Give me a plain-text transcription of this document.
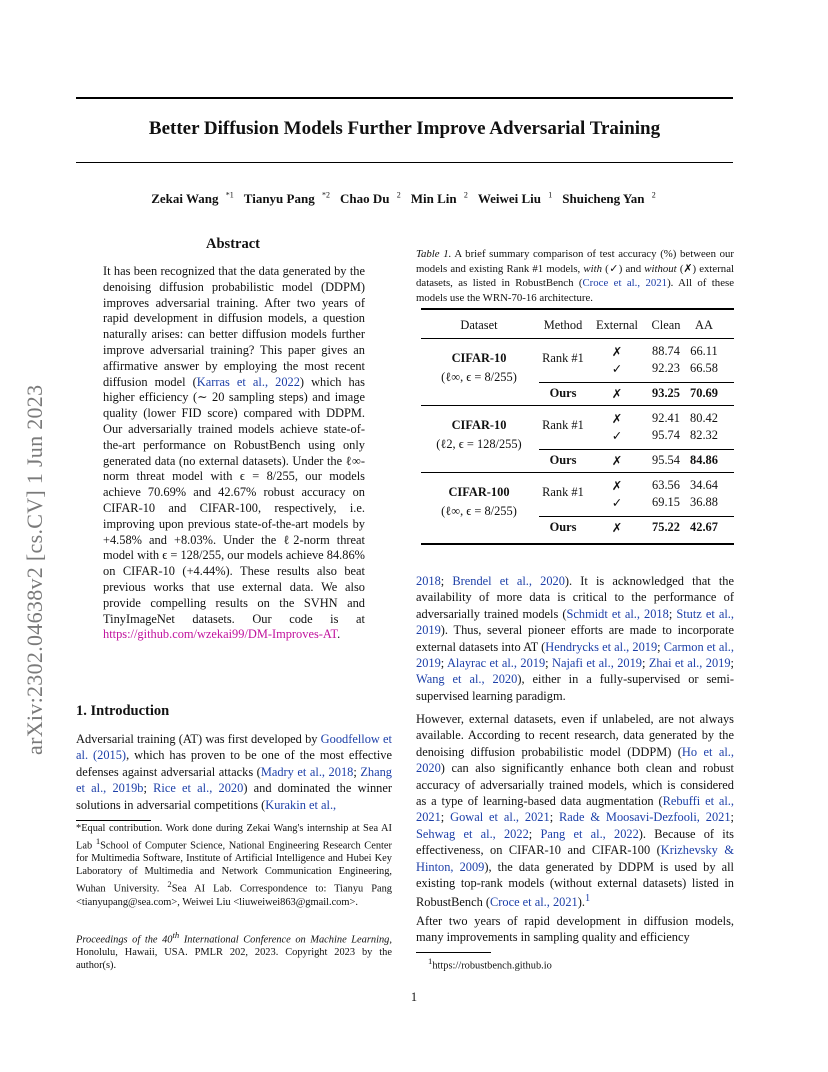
Better Diffusion Models Further Improve Adversarial Training
Zekai Wang $^{*1}$ Tianyu Pang $^{*2}$ Chao Du $^2$ Min Lin $^2$ Weiwei Liu $^1$ Shuicheng Yan $^2$
arXiv:2302.04638v2 [cs.CV] 1 Jun 2023
Abstract
It has been recognized that the data generated by the denoising diffusion probabilistic model (DDPM) improves adversarial training. After two years of rapid development in diffusion models, a question naturally arises: can better diffusion models further improve adversarial training? This paper gives an affirmative answer by employing the most recent diffusion model (Karras et al., 2022) which has higher efficiency (∼ 20 sampling steps) and image quality (lower FID score) compared with DDPM. Our adversarially trained models achieve state-of-the-art performance on RobustBench using only generated data (no external datasets). Under the ℓ∞-norm threat model with ϵ = 8/255, our models achieve 70.69% and 42.67% robust accuracy on CIFAR-10 and CIFAR-100, respectively, i.e. improving upon previous state-of-the-art models by +4.58% and +8.03%. Under the ℓ2-norm threat model with ϵ = 128/255, our models achieve 84.86% on CIFAR-10 (+4.44%). These results also beat previous works that use external data. We also provide compelling results on the SVHN and TinyImageNet datasets. Our code is at https://github.com/wzekai99/DM-Improves-AT.
1. Introduction
Adversarial training (AT) was first developed by Goodfellow et al. (2015), which has proven to be one of the most effective defenses against adversarial attacks (Madry et al., 2018; Zhang et al., 2019b; Rice et al., 2020) and dominated the winner solutions in adversarial competitions (Kurakin et al.,
*Equal contribution. Work done during Zekai Wang's internship at Sea AI Lab $^1$School of Computer Science, National Engineering Research Center for Multimedia Software, Institute of Artificial Intelligence and Hubei Key Laboratory of Multimedia and Network Communication Engineering, Wuhan University. $^2$Sea AI Lab. Correspondence to: Tianyu Pang <tianyupang@sea.com>, Weiwei Liu <liuweiwei863@gmail.com>.
Proceedings of the 40th International Conference on Machine Learning, Honolulu, Hawaii, USA. PMLR 202, 2023. Copyright 2023 by the author(s).
Table 1. A brief summary comparison of test accuracy (%) between our models and existing Rank #1 models, with (✓) and without (✗) external datasets, as listed in RobustBench (Croce et al., 2021). All of these models use the WRN-70-16 architecture.
Dataset	Method External Clean AA
CIFAR-10
(ℓ∞, ϵ = 8/255)
Rank #1 ✗ 88.74 66.11
✓ 92.23 66.58
Ours	✗ 93.25 70.69
CIFAR-10
(ℓ2, ϵ = 128/255)
Rank #1 ✗ 92.41 80.42
✓ 95.74 82.32
Ours	✗ 95.54 84.86
CIFAR-100
(ℓ∞, ϵ = 8/255)
Rank #1 ✗ 63.56 34.64
✓ 69.15 36.88
Ours	✗ 75.22 42.67
2018; Brendel et al., 2020). It is acknowledged that the availability of more data is critical to the performance of adversarially trained models (Schmidt et al., 2018; Stutz et al., 2019). Thus, several pioneer efforts are made to incorporate external datasets into AT (Hendrycks et al., 2019; Carmon et al., 2019; Alayrac et al., 2019; Najafi et al., 2019; Zhai et al., 2019; Wang et al., 2020), either in a fully-supervised or semi-supervised learning paradigm.
However, external datasets, even if unlabeled, are not always available. According to recent research, data generated by the denoising diffusion probabilistic model (DDPM) (Ho et al., 2020) can also significantly enhance both clean and robust accuracy of adversarially trained models, which is considered as a type of learning-based data augmentation (Rebuffi et al., 2021; Gowal et al., 2021; Rade & Moosavi-Dezfooli, 2021; Sehwag et al., 2022; Pang et al., 2022). Because of its effectiveness, on CIFAR-10 and CIFAR-100 (Krizhevsky & Hinton, 2009), the data generated by DDPM is used by all existing top-rank models (without external datasets) listed in RobustBench (Croce et al., 2021).$^1$
After two years of rapid development in diffusion models, many improvements in sampling quality and efficiency
$^1$https://robustbench.github.io
1
